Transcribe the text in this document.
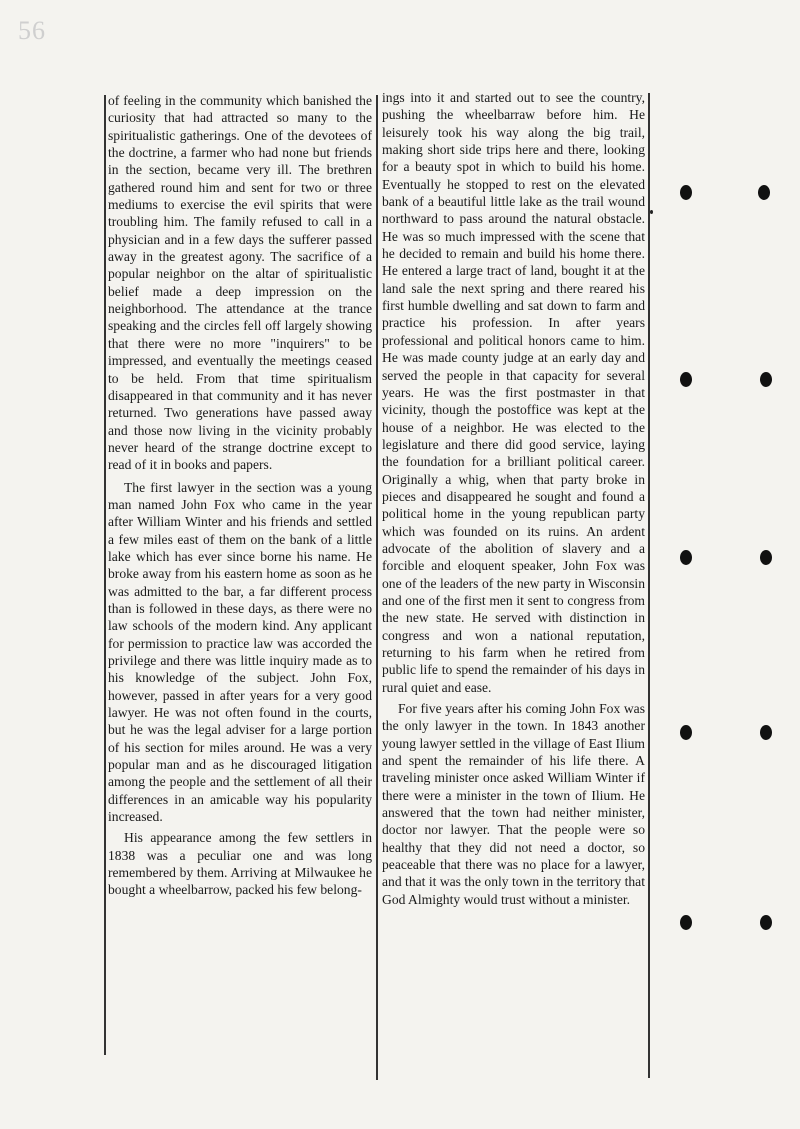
56

of feeling in the community which banished the curiosity that had attracted so many to the spiritualistic gatherings. One of the devotees of the doctrine, a farmer who had none but friends in the section, became very ill. The brethren gathered round him and sent for two or three mediums to exercise the evil spirits that were troubling him. The family refused to call in a physician and in a few days the sufferer passed away in the greatest agony. The sacrifice of a popular neighbor on the altar of spiritualistic belief made a deep impression on the neighborhood. The attendance at the trance speaking and the circles fell off largely showing that there were no more "inquirers" to be impressed, and eventually the meetings ceased to be held. From that time spiritualism disappeared in that community and it has never returned. Two generations have passed away and those now living in the vicinity probably never heard of the strange doctrine except to read of it in books and papers.

The first lawyer in the section was a young man named John Fox who came in the year after William Winter and his friends and settled a few miles east of them on the bank of a little lake which has ever since borne his name. He broke away from his eastern home as soon as he was admitted to the bar, a far different process than is followed in these days, as there were no law schools of the modern kind. Any applicant for permission to practice law was accorded the privilege and there was little inquiry made as to his knowledge of the subject. John Fox, however, passed in after years for a very good lawyer. He was not often found in the courts, but he was the legal adviser for a large portion of his section for miles around. He was a very popular man and as he discouraged litigation among the people and the settlement of all their differences in an amicable way his popularity increased.

His appearance among the few settlers in 1838 was a peculiar one and was long remembered by them. Arriving at Milwaukee he bought a wheelbarrow, packed his few belong-

ings into it and started out to see the country, pushing the wheelbarraw before him. He leisurely took his way along the big trail, making short side trips here and there, looking for a beauty spot in which to build his home. Eventually he stopped to rest on the elevated bank of a beautiful little lake as the trail wound northward to pass around the natural obstacle. He was so much impressed with the scene that he decided to remain and build his home there. He entered a large tract of land, bought it at the land sale the next spring and there reared his first humble dwelling and sat down to farm and practice his profession. In after years professional and political honors came to him. He was made county judge at an early day and served the people in that capacity for several years. He was the first postmaster in that vicinity, though the postoffice was kept at the house of a neighbor. He was elected to the legislature and there did good service, laying the foundation for a brilliant political career. Originally a whig, when that party broke in pieces and disappeared he sought and found a political home in the young republican party which was founded on its ruins. An ardent advocate of the abolition of slavery and a forcible and eloquent speaker, John Fox was one of the leaders of the new party in Wisconsin and one of the first men it sent to congress from the new state. He served with distinction in congress and won a national reputation, returning to his farm when he retired from public life to spend the remainder of his days in rural quiet and ease.

For five years after his coming John Fox was the only lawyer in the town. In 1843 another young lawyer settled in the village of East Ilium and spent the remainder of his life there. A traveling minister once asked William Winter if there were a minister in the town of Ilium. He answered that the town had neither minister, doctor nor lawyer. That the people were so healthy that they did not need a doctor, so peaceable that there was no place for a lawyer, and that it was the only town in the territory that God Almighty would trust without a minister.
